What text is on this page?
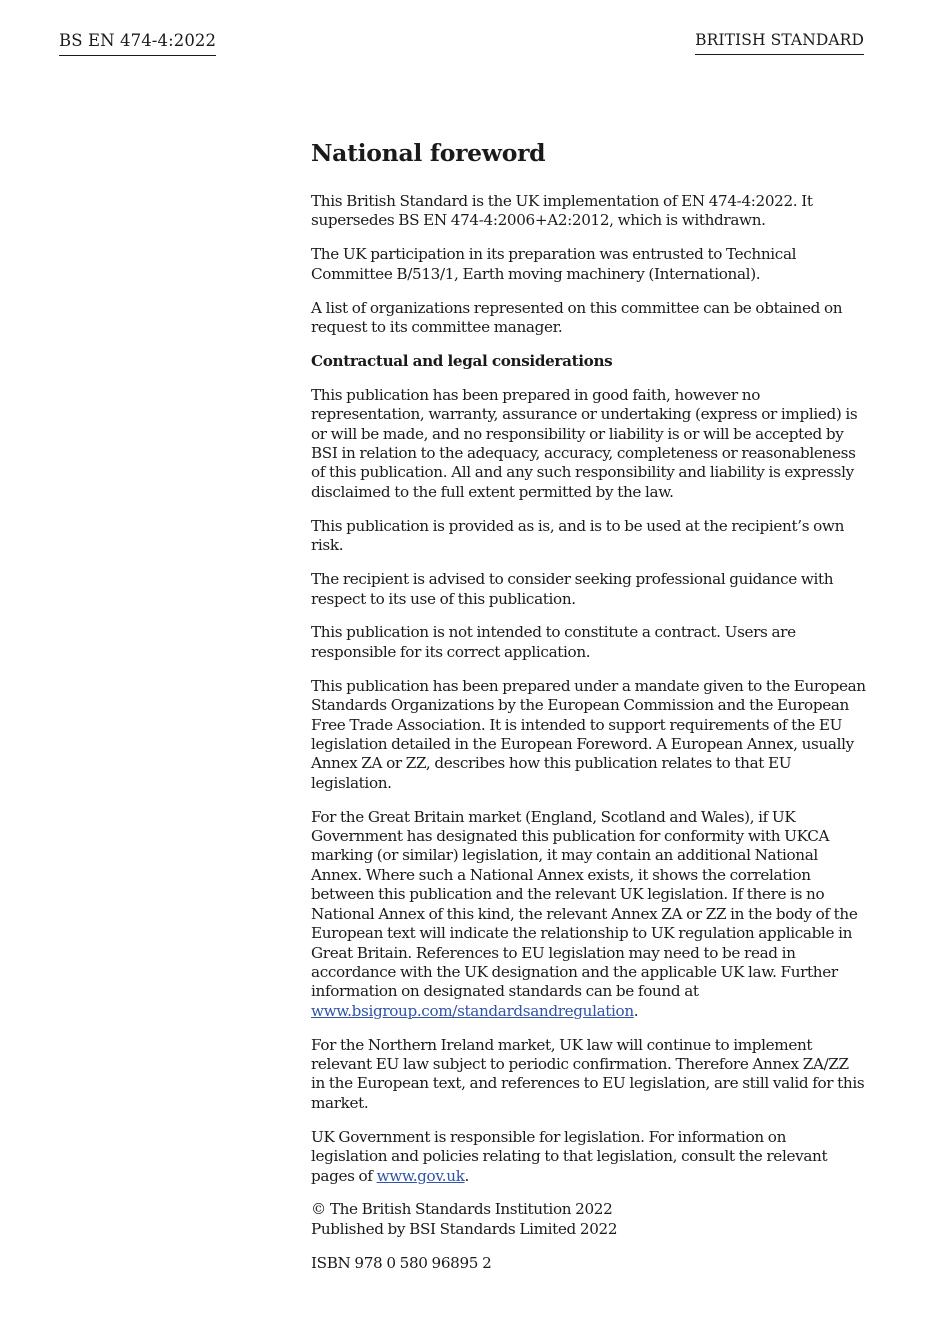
BS EN 474-4:2022	BRITISH STANDARD
National foreword

This British Standard is the UK implementation of EN 474-4:2022. It supersedes BS EN 474-4:2006+A2:2012, which is withdrawn.

The UK participation in its preparation was entrusted to Technical Committee B/513/1, Earth moving machinery (International).

A list of organizations represented on this committee can be obtained on request to its committee manager.

Contractual and legal considerations

This publication has been prepared in good faith, however no representation, warranty, assurance or undertaking (express or implied) is or will be made, and no responsibility or liability is or will be accepted by BSI in relation to the adequacy, accuracy, completeness or reasonableness of this publication. All and any such responsibility and liability is expressly disclaimed to the full extent permitted by the law.

This publication is provided as is, and is to be used at the recipient’s own risk.

The recipient is advised to consider seeking professional guidance with respect to its use of this publication.

This publication is not intended to constitute a contract. Users are responsible for its correct application.

This publication has been prepared under a mandate given to the European Standards Organizations by the European Commission and the European Free Trade Association. It is intended to support requirements of the EU legislation detailed in the European Foreword. A European Annex, usually Annex ZA or ZZ, describes how this publication relates to that EU legislation.

For the Great Britain market (England, Scotland and Wales), if UK Government has designated this publication for conformity with UKCA marking (or similar) legislation, it may contain an additional National Annex. Where such a National Annex exists, it shows the correlation between this publication and the relevant UK legislation. If there is no National Annex of this kind, the relevant Annex ZA or ZZ in the body of the European text will indicate the relationship to UK regulation applicable in Great Britain. References to EU legislation may need to be read in accordance with the UK designation and the applicable UK law. Further information on designated standards can be found at www.bsigroup.com/standardsandregulation.

For the Northern Ireland market, UK law will continue to implement relevant EU law subject to periodic confirmation. Therefore Annex ZA/ZZ in the European text, and references to EU legislation, are still valid for this market.

UK Government is responsible for legislation. For information on legislation and policies relating to that legislation, consult the relevant pages of www.gov.uk.

© The British Standards Institution 2022
Published by BSI Standards Limited 2022

ISBN 978 0 580 96895 2
